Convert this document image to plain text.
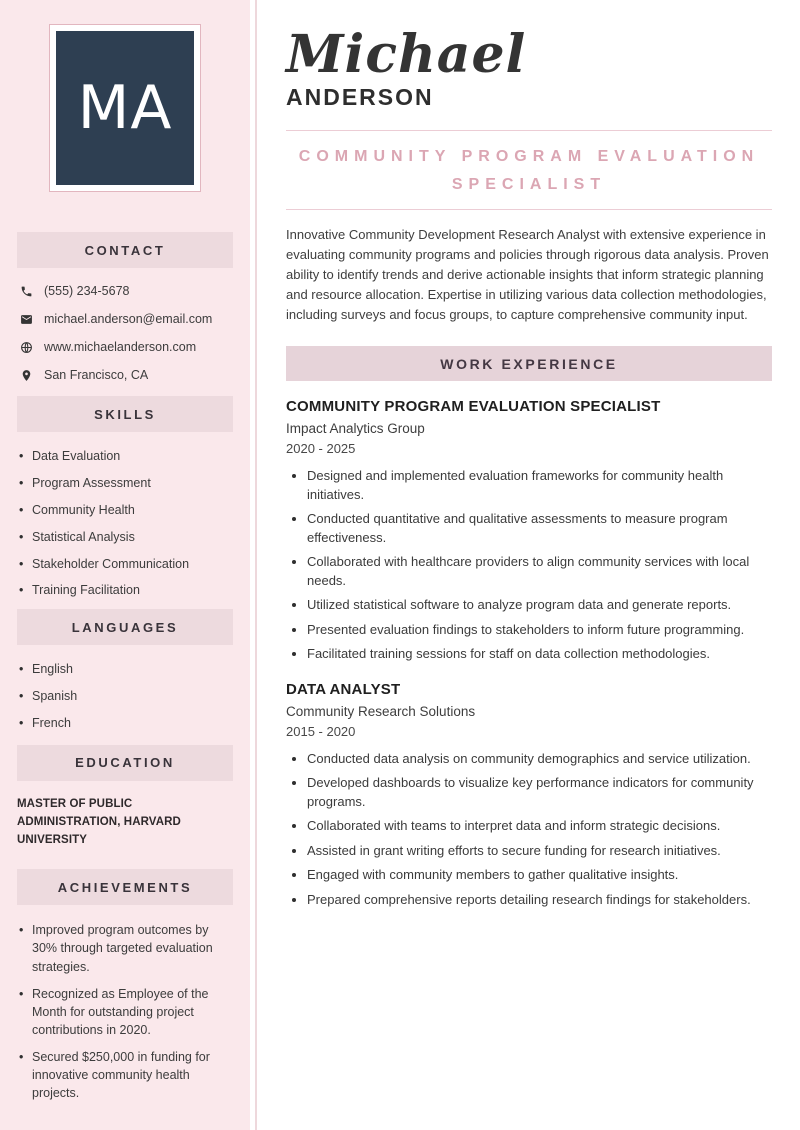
MA
CONTACT
(555) 234-5678
michael.anderson@email.com
www.michaelanderson.com
San Francisco, CA
SKILLS
• Data Evaluation
• Program Assessment
• Community Health
• Statistical Analysis
• Stakeholder Communication
• Training Facilitation
LANGUAGES
• English
• Spanish
• French
EDUCATION

MASTER OF PUBLIC ADMINISTRATION, HARVARD UNIVERSITY

ACHIEVEMENTS
• Improved program outcomes by 30% through targeted evaluation strategies.
• Recognized as Employee of the Month for outstanding project contributions in 2020.
• Secured $250,000 in funding for innovative community health projects.
Michael
ANDERSON
COMMUNITY PROGRAM EVALUATION SPECIALIST

Innovative Community Development Research Analyst with extensive experience in evaluating community programs and policies through rigorous data analysis. Proven ability to identify trends and derive actionable insights that inform strategic planning and resource allocation. Expertise in utilizing various data collection methodologies, including surveys and focus groups, to capture comprehensive community input.

WORK EXPERIENCE
COMMUNITY PROGRAM EVALUATION SPECIALIST
Impact Analytics Group
2020 - 2025
• Designed and implemented evaluation frameworks for community health initiatives.
• Conducted quantitative and qualitative assessments to measure program effectiveness.
• Collaborated with healthcare providers to align community services with local needs.
• Utilized statistical software to analyze program data and generate reports.
• Presented evaluation findings to stakeholders to inform future programming.
• Facilitated training sessions for staff on data collection methodologies.
DATA ANALYST
Community Research Solutions
2015 - 2020
• Conducted data analysis on community demographics and service utilization.
• Developed dashboards to visualize key performance indicators for community programs.
• Collaborated with teams to interpret data and inform strategic decisions.
• Assisted in grant writing efforts to secure funding for research initiatives.
• Engaged with community members to gather qualitative insights.
• Prepared comprehensive reports detailing research findings for stakeholders.
